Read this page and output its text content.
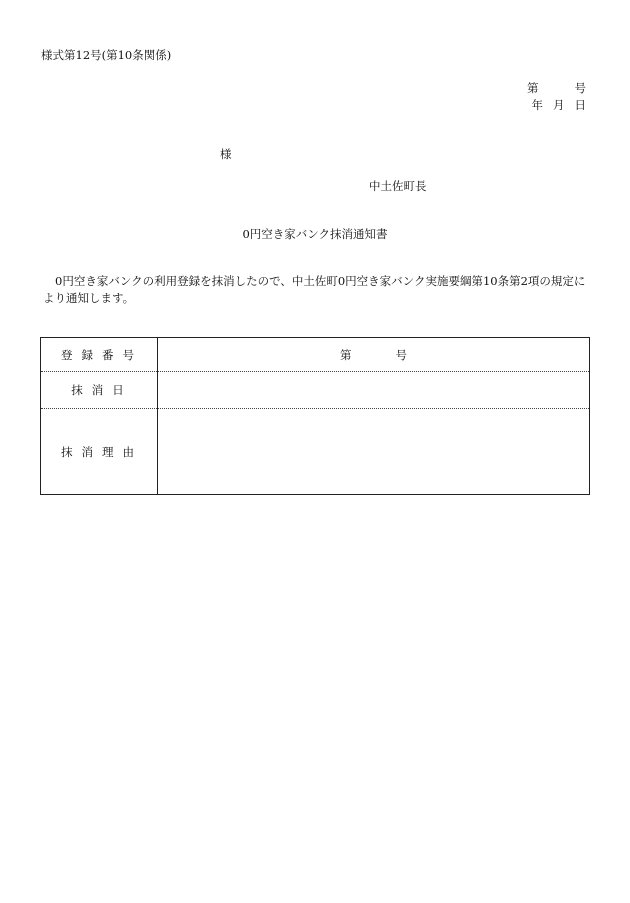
様式第12号(第10条関係)
第	号
年 月 日
様
中土佐町長
0円空き家バンク抹消通知書
0円空き家バンクの利用登録を抹消したので、中土佐町0円空き家バンク実施要綱第10条第2項の規定により通知します。
登録番号	第 号
抹消日	
抹消理由	
